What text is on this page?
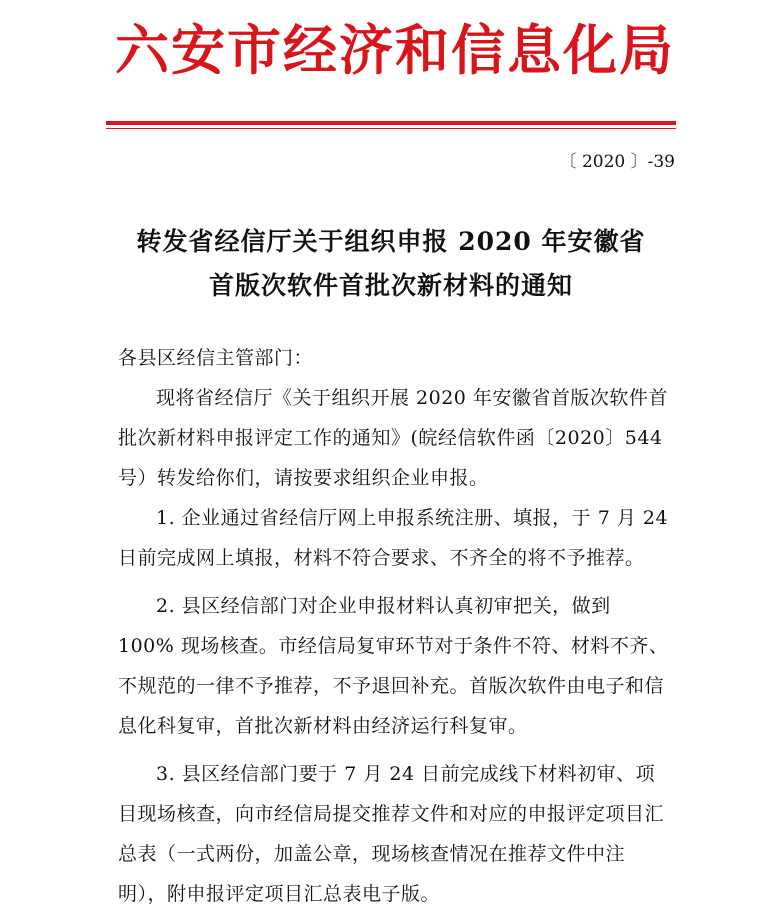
六安市经济和信息化局
〔 2020 〕-39
转发省经信厅关于组织申报 2020 年安徽省
首版次软件首批次新材料的通知

各县区经信主管部门：

现将省经信厅《关于组织开展 2020 年安徽省首版次软件首批次新材料申报评定工作的通知》(皖经信软件函〔2020〕544 号）转发给你们，请按要求组织企业申报。

1. 企业通过省经信厅网上申报系统注册、填报，于 7 月 24 日前完成网上填报，材料不符合要求、不齐全的将不予推荐。

2. 县区经信部门对企业申报材料认真初审把关，做到 100% 现场核查。市经信局复审环节对于条件不符、材料不齐、不规范的一律不予推荐，不予退回补充。首版次软件由电子和信息化科复审，首批次新材料由经济运行科复审。

3. 县区经信部门要于 7 月 24 日前完成线下材料初审、项目现场核查，向市经信局提交推荐文件和对应的申报评定项目汇总表（一式两份，加盖公章，现场核查情况在推荐文件中注明），附申报评定项目汇总表电子版。
